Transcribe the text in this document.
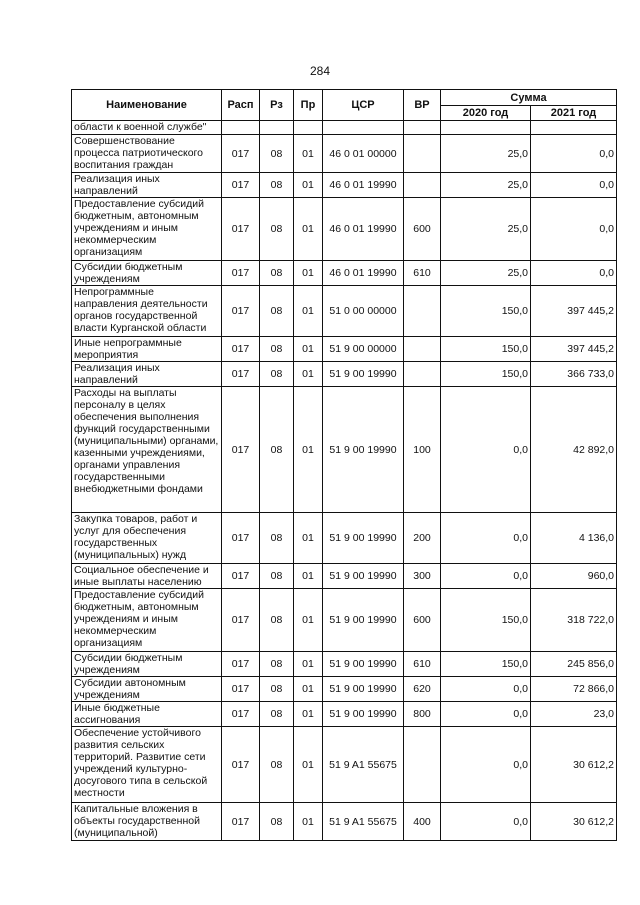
284
Наименование	Расп	Рз	Пр	ЦСР	ВР	Сумма	
						2020 год	2021 год
области к военной службе"							
Совершенствование процесса патриотического воспитания граждан	017	08	01	46 0 01 00000		25,0	0,0
Реализация иных направлений	017	08	01	46 0 01 19990		25,0	0,0
Предоставление субсидий бюджетным, автономным учреждениям и иным некоммерческим организациям	017	08	01	46 0 01 19990	600	25,0	0,0
Субсидии бюджетным учреждениям	017	08	01	46 0 01 19990	610	25,0	0,0
Непрограммные направления деятельности органов государственной власти Курганской области	017	08	01	51 0 00 00000		150,0	397 445,2
Иные непрограммные мероприятия	017	08	01	51 9 00 00000		150,0	397 445,2
Реализация иных направлений	017	08	01	51 9 00 19990		150,0	366 733,0
Расходы на выплаты персоналу в целях обеспечения выполнения функций государственными (муниципальными) органами, казенными учреждениями, органами управления государственными внебюджетными фондами	017	08	01	51 9 00 19990	100	0,0	42 892,0
Закупка товаров, работ и услуг для обеспечения государственных (муниципальных) нужд	017	08	01	51 9 00 19990	200	0,0	4 136,0
Социальное обеспечение и иные выплаты населению	017	08	01	51 9 00 19990	300	0,0	960,0
Предоставление субсидий бюджетным, автономным учреждениям и иным некоммерческим организациям	017	08	01	51 9 00 19990	600	150,0	318 722,0
Субсидии бюджетным учреждениям	017	08	01	51 9 00 19990	610	150,0	245 856,0
Субсидии автономным учреждениям	017	08	01	51 9 00 19990	620	0,0	72 866,0
Иные бюджетные ассигнования	017	08	01	51 9 00 19990	800	0,0	23,0
Обеспечение устойчивого развития сельских территорий. Развитие сети учреждений культурно-досугового типа в сельской местности	017	08	01	51 9 A1 55675		0,0	30 612,2
Капитальные вложения в объекты государственной (муниципальной)	017	08	01	51 9 A1 55675	400	0,0	30 612,2
